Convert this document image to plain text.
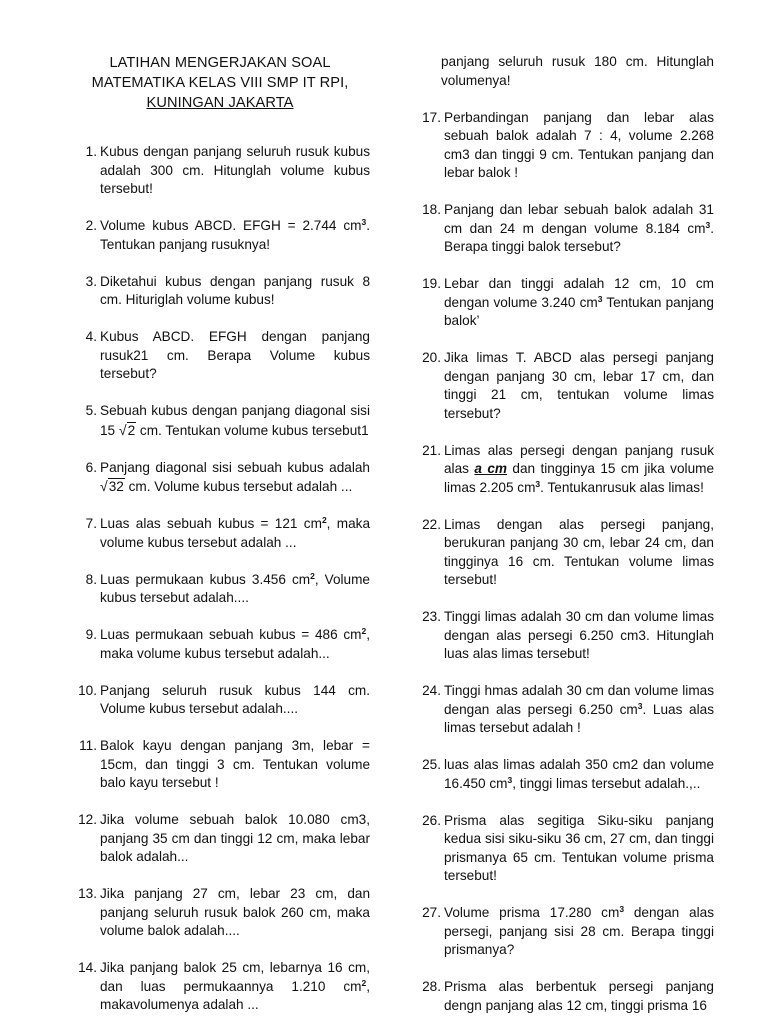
LATIHAN MENGERJAKAN SOAL
MATEMATIKA KELAS VIII SMP IT RPI,
KUNINGAN JAKARTA
1. Kubus dengan panjang seluruh rusuk kubus adalah 300 cm. Hitunglah volume kubus tersebut!
2. Volume kubus ABCD. EFGH = 2.744 $cm^3$. Tentukan panjang rusuknya!
3. Diketahui kubus dengan panjang rusuk 8 cm. Hituriglah volume kubus!
4. Kubus ABCD. EFGH dengan panjang rusuk21 cm. Berapa Volume kubus tersebut?
5. Sebuah kubus dengan panjang diagonal sisi 15 √2 cm. Tentukan volume kubus tersebut1
6. Panjang diagonal sisi sebuah kubus adalah √32 cm. Volume kubus tersebut adalah ...
7. Luas alas sebuah kubus = 121 $cm^2$, maka volume kubus tersebut adalah ...
8. Luas permukaan kubus 3.456 $cm^2$, Volume kubus tersebut adalah....
9. Luas permukaan sebuah kubus = 486 $cm^2$, maka volume kubus tersebut adalah...
10. Panjang seluruh rusuk kubus 144 cm. Volume kubus tersebut adalah....
11. Balok kayu dengan panjang 3m, lebar = 15cm, dan tinggi 3 cm. Tentukan volume balo kayu tersebut !
12. Jika volume sebuah balok 10.080 cm3, panjang 35 cm dan tinggi 12 cm, maka lebar balok adalah...
13. Jika panjang 27 cm, lebar 23 cm, dan panjang seluruh rusuk balok 260 cm, maka volume balok adalah....
14. Jika panjang balok 25 cm, lebarnya 16 cm, dan luas permukaannya 1.210 $cm^2$, makavolumenya adalah ...
panjang seluruh rusuk 180 cm. Hitunglah volumenya!
17. Perbandingan panjang dan lebar alas sebuah balok adalah 7 : 4, volume 2.268 cm3 dan tinggi 9 cm. Tentukan panjang dan lebar balok !
18. Panjang dan lebar sebuah balok adalah 31 cm dan 24 m dengan volume 8.184 $cm^3$. Berapa tinggi balok tersebut?
19. Lebar dan tinggi adalah 12 cm, 10 cm dengan volume 3.240 $cm^3$ Tentukan panjang balok’
20. Jika limas T. ABCD alas persegi panjang dengan panjang 30 cm, lebar 17 cm, dan tinggi 21 cm, tentukan volume limas tersebut?
21. Limas alas persegi dengan panjang rusuk alas a cm dan tingginya 15 cm jika volume limas 2.205 $cm^3$. Tentukanrusuk alas limas!
22. Limas dengan alas persegi panjang, berukuran panjang 30 cm, lebar 24 cm, dan tingginya 16 cm. Tentukan volume limas tersebut!
23. Tinggi limas adalah 30 cm dan volume limas dengan alas persegi 6.250 cm3. Hitunglah luas alas limas tersebut!
24. Tinggi hmas adalah 30 cm dan volume limas dengan alas persegi 6.250 $cm^3$. Luas alas limas tersebut adalah !
25. luas alas limas adalah 350 cm2 dan volume 16.450 $cm^3$, tinggi limas tersebut adalah.,..
26. Prisma alas segitiga Siku-siku panjang kedua sisi siku-siku 36 cm, 27 cm, dan tinggi prismanya 65 cm. Tentukan volume prisma tersebut!
27. Volume prisma 17.280 $cm^3$ dengan alas persegi, panjang sisi 28 cm. Berapa tinggi prismanya?
28. Prisma alas berbentuk persegi panjang dengn panjang alas 12 cm, tinggi prisma 16
